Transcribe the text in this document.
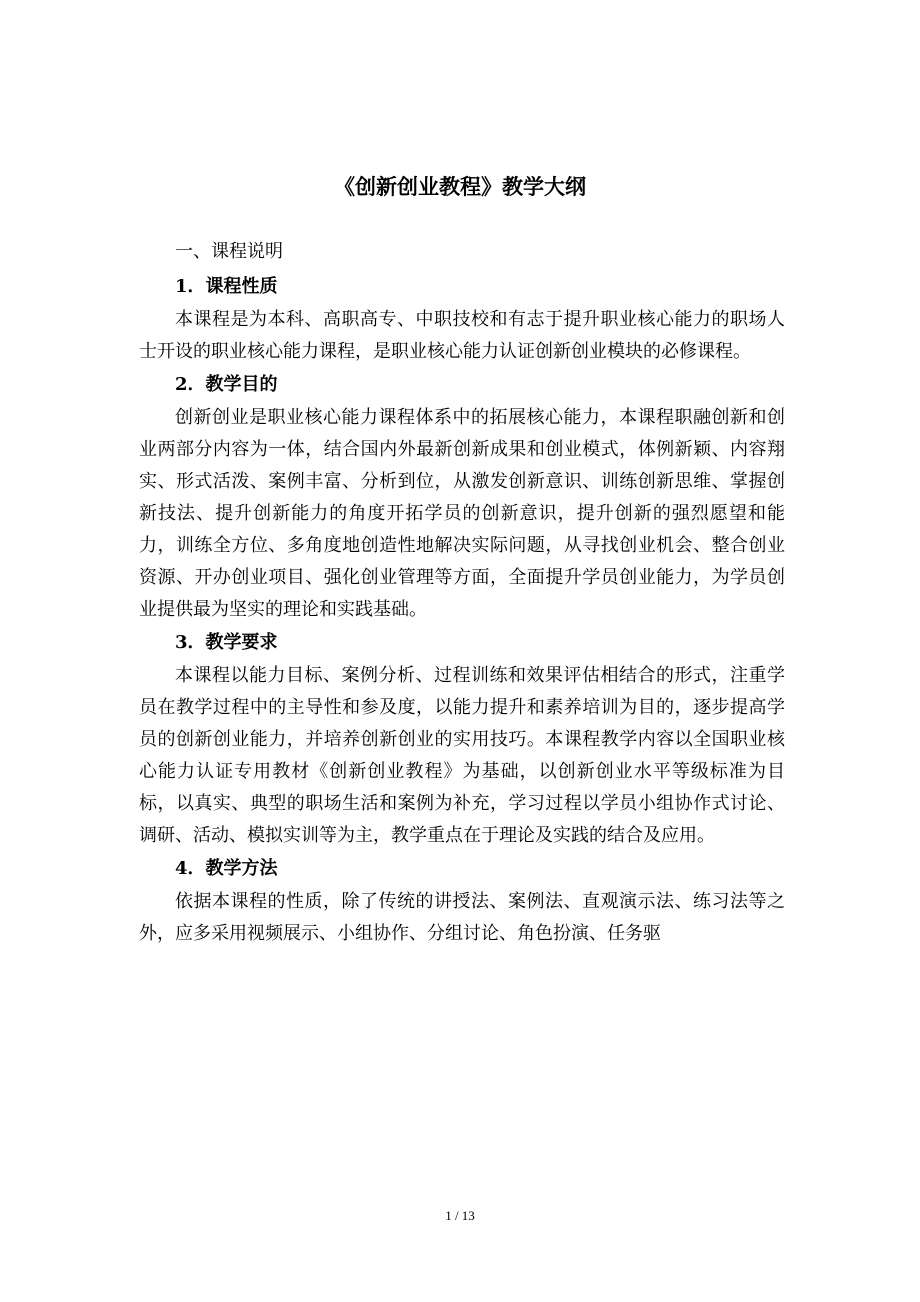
《创新创业教程》教学大纲

一、课程说明

1．课程性质

本课程是为本科、高职高专、中职技校和有志于提升职业核心能力的职场人士开设的职业核心能力课程，是职业核心能力认证创新创业模块的必修课程。

2．教学目的

创新创业是职业核心能力课程体系中的拓展核心能力，本课程职融创新和创业两部分内容为一体，结合国内外最新创新成果和创业模式，体例新颖、内容翔实、形式活泼、案例丰富、分析到位，从激发创新意识、训练创新思维、掌握创新技法、提升创新能力的角度开拓学员的创新意识，提升创新的强烈愿望和能力，训练全方位、多角度地创造性地解决实际问题，从寻找创业机会、整合创业资源、开办创业项目、强化创业管理等方面，全面提升学员创业能力，为学员创业提供最为坚实的理论和实践基础。

3．教学要求

本课程以能力目标、案例分析、过程训练和效果评估相结合的形式，注重学员在教学过程中的主导性和参及度，以能力提升和素养培训为目的，逐步提高学员的创新创业能力，并培养创新创业的实用技巧。本课程教学内容以全国职业核心能力认证专用教材《创新创业教程》为基础，以创新创业水平等级标准为目标，以真实、典型的职场生活和案例为补充，学习过程以学员小组协作式讨论、调研、活动、模拟实训等为主，教学重点在于理论及实践的结合及应用。

4．教学方法

依据本课程的性质，除了传统的讲授法、案例法、直观演示法、练习法等之外，应多采用视频展示、小组协作、分组讨论、角色扮演、任务驱

1 / 13
